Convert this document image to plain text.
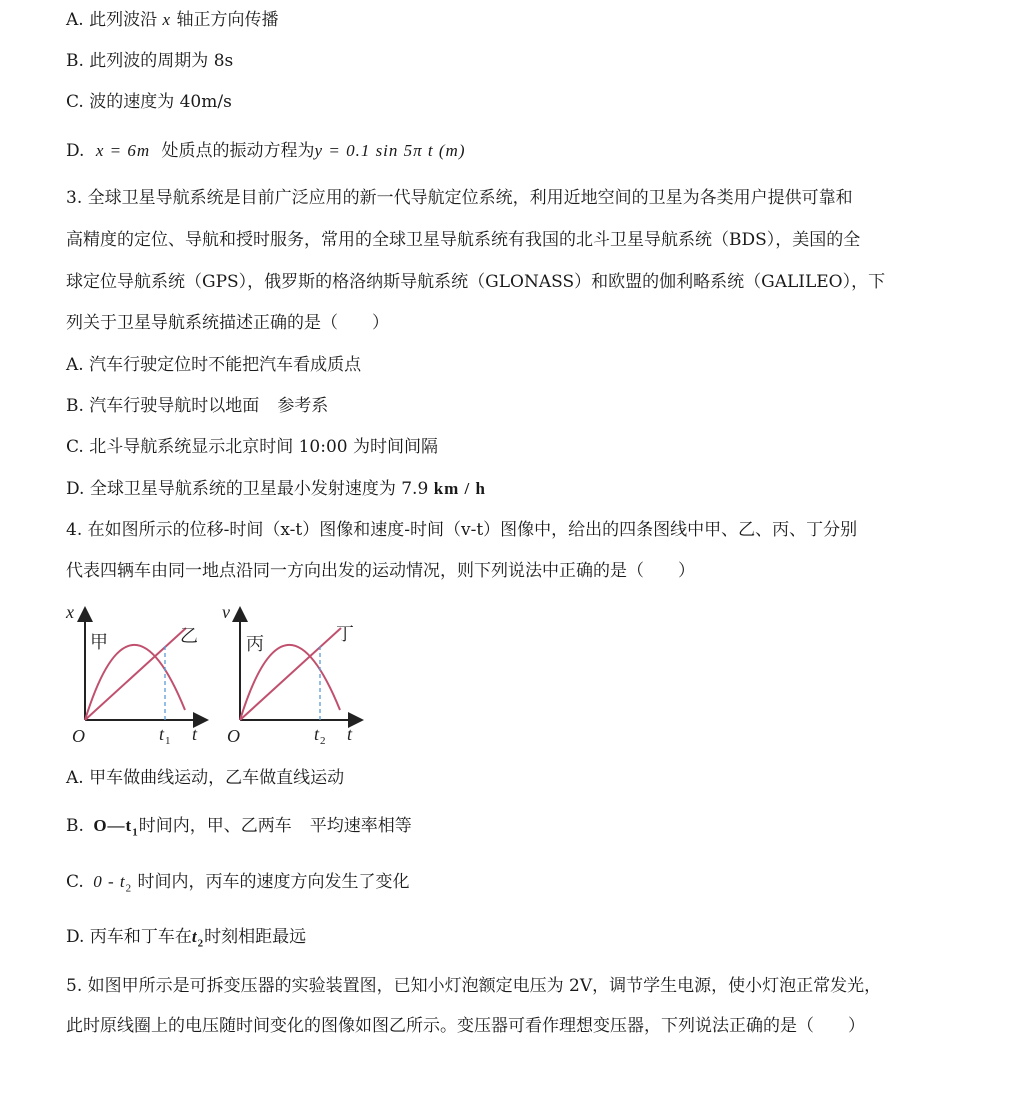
A. 此列波沿 x 轴正方向传播
B. 此列波的周期为 8s
C. 波的速度为 40m/s
D. x = 6m 处质点的振动方程为y = 0.1 sin 5π t (m)
3. 全球卫星导航系统是目前广泛应用的新一代导航定位系统，利用近地空间的卫星为各类用户提供可靠和
高精度的定位、导航和授时服务，常用的全球卫星导航系统有我国的北斗卫星导航系统（BDS），美国的全
球定位导航系统（GPS），俄罗斯的格洛纳斯导航系统（GLONASS）和欧盟的伽利略系统（GALILEO），下
列关于卫星导航系统描述正确的是（　　）
A. 汽车行驶定位时不能把汽车看成质点
B. 汽车行驶导航时以地面 参考系
C. 北斗导航系统显示北京时间 10:00 为时间间隔
D. 全球卫星导航系统的卫星最小发射速度为 7.9 km / h
4. 在如图所示的位移-时间（x-t）图像和速度-时间（v-t）图像中，给出的四条图线中甲、乙、丙、丁分别
代表四辆车由同一地点沿同一方向出发的运动情况，则下列说法中正确的是（　　）
x
t
O
甲	乙
t 1
v
t
O
丙	丁
t 2
A. 甲车做曲线运动，乙车做直线运动
B. $O—t_1$时间内，甲、乙两车 平均速率相等
C. $0 - t_2$ 时间内，丙车的速度方向发生了变化
D. 丙车和丁车在$t_2$时刻相距最远
5. 如图甲所示是可拆变压器的实验装置图，已知小灯泡额定电压为 2V，调节学生电源，使小灯泡正常发光，
此时原线圈上的电压随时间变化的图像如图乙所示。变压器可看作理想变压器，下列说法正确的是（　　）
